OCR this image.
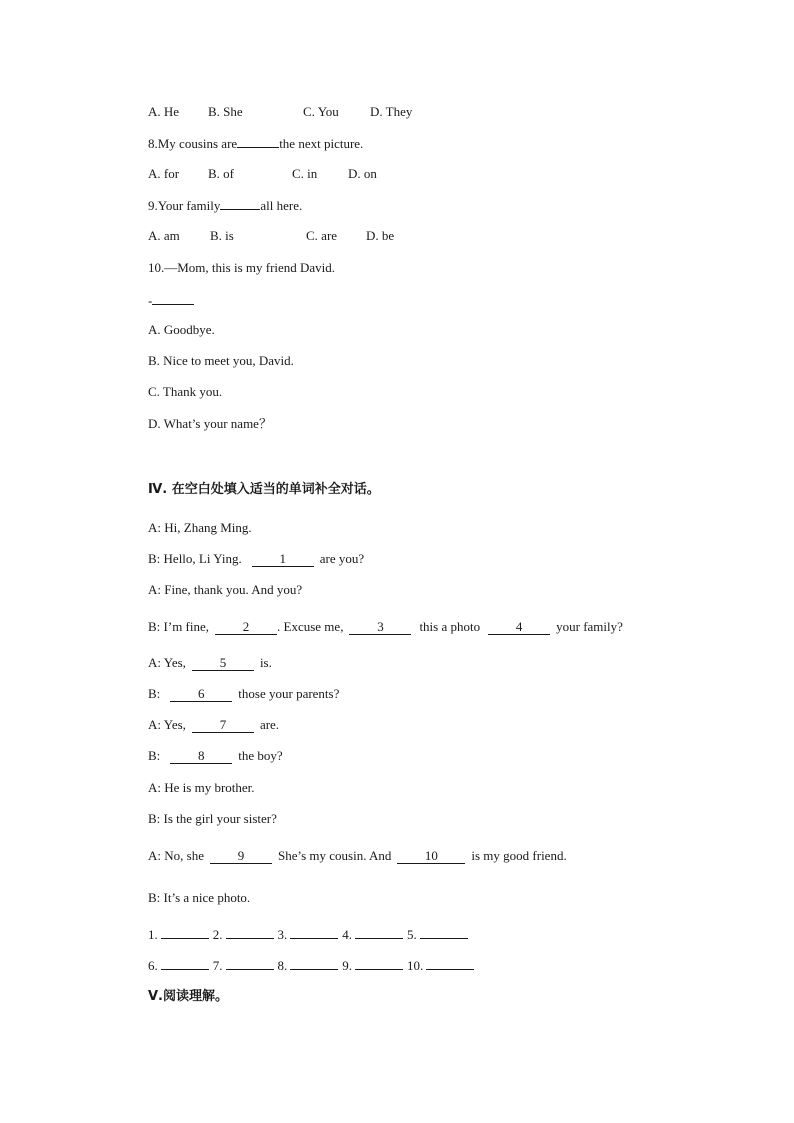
A. He B. She	C. You D. They
8.My cousins are	the next picture.
A. for B. of	C. in D. on
9.Your family	all here.
A. am B. is	C. are D. be
10.—Mom, this is my friend David.
-
A. Goodbye.
B. Nice to meet you, David.
C. Thank you.
D. What’s your name？
Ⅳ. 在空白处填入适当的单词补全对话。
A: Hi, Zhang Ming.
B: Hello, Li Ying.	1	are you?
A: Fine, thank you. And you?
B: I’m fine,	2 . Excuse me,	3	this a photo	4	your family?
A: Yes,	5	is.
B:	6	those your parents?
A: Yes,	7	are.
B:	8	the boy?
A: He is my brother.
B: Is the girl your sister?
A: No, she	9	She’s my cousin. And	10	is my good friend.
B: It’s a nice photo.
1.	2.	3.	4.	5.
6.	7.	8.	9.	10.
Ⅴ.阅读理解。
